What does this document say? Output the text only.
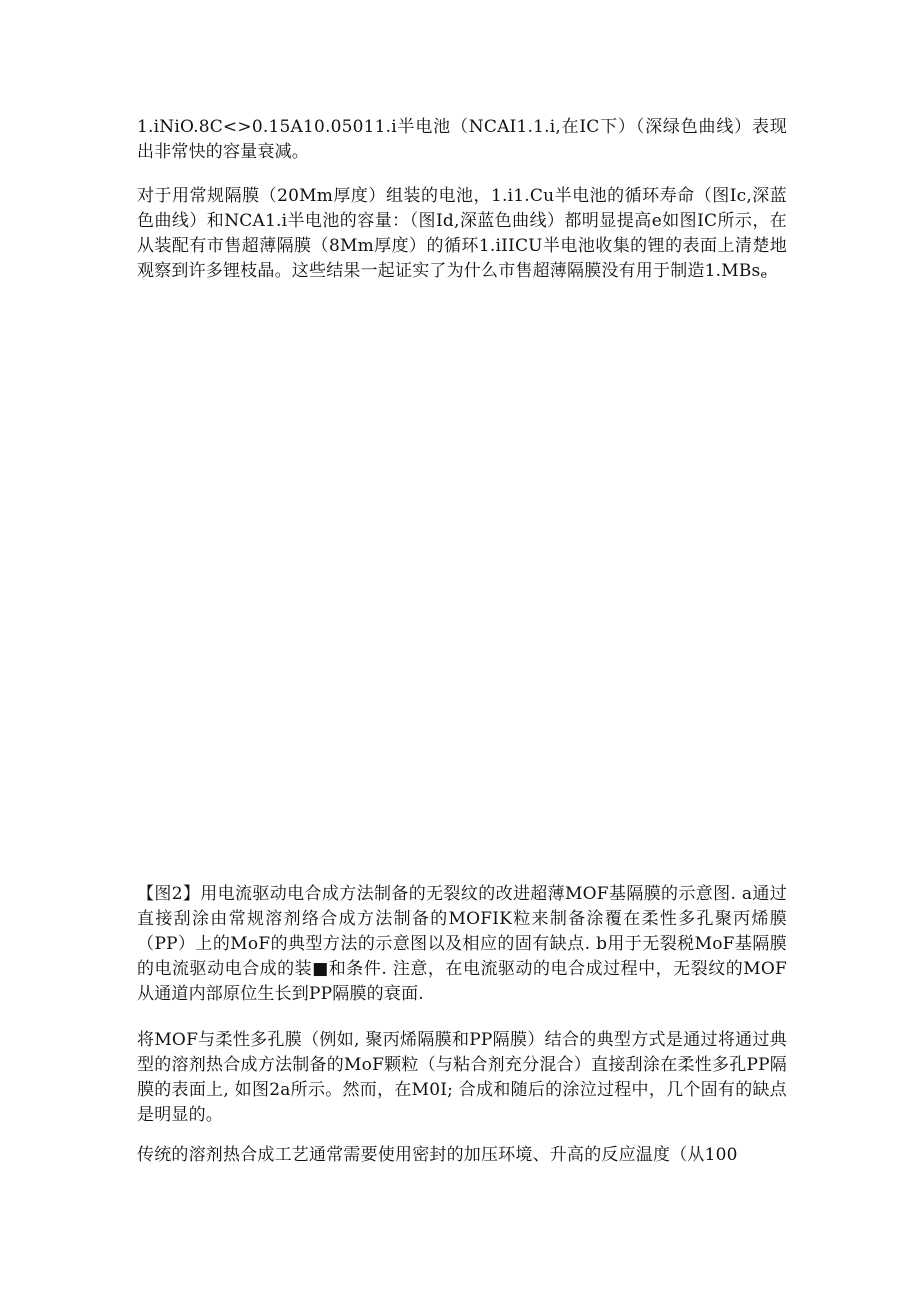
1.iNiO.8C<>0.15A10.05011.i半电池（NCAI1.1.i,在IC下）（深绿色曲线）表现出非常快的容量衰减。

对于用常规隔膜（20Mm厚度）组装的电池，1.i1.Cu半电池的循环寿命（图Ic,深蓝色曲线）和NCA1.i半电池的容量：（图Id,深蓝色曲线）都明显提高e如图IC所示，在从装配有市售超薄隔膜（8Mm厚度）的循环1.iIICU半电池收集的锂的表面上清楚地观察到许多锂枝晶。这些结果一起证实了为什么市售超薄隔膜没有用于制造1.MBse

【图2】用电流驱动电合成方法制备的无裂纹的改进超薄MOF基隔膜的示意图. a通过直接刮涂由常规溶剂络合成方法制备的MOFIK粒来制备涂覆在柔性多孔聚丙烯膜（PP）上的MoF的典型方法的示意图以及相应的固有缺点. b用于无裂税MoF基隔膜的电流驱动电合成的装■和条件. 注意，在电流驱动的电合成过程中，无裂纹的MOF从通道内部原位生长到PP隔膜的衰面.

将MOF与柔性多孔膜（例如, 聚丙烯隔膜和PP隔膜）结合的典型方式是通过将通过典型的溶剂热合成方法制备的MoF颗粒（与粘合剂充分混合）直接刮涂在柔性多孔PP隔膜的表面上, 如图2a所示。然而，在M0I; 合成和随后的涂泣过程中，几个固有的缺点是明显的。

传统的溶剂热合成工艺通常需要使用密封的加压环境、升高的反应温度（从100
